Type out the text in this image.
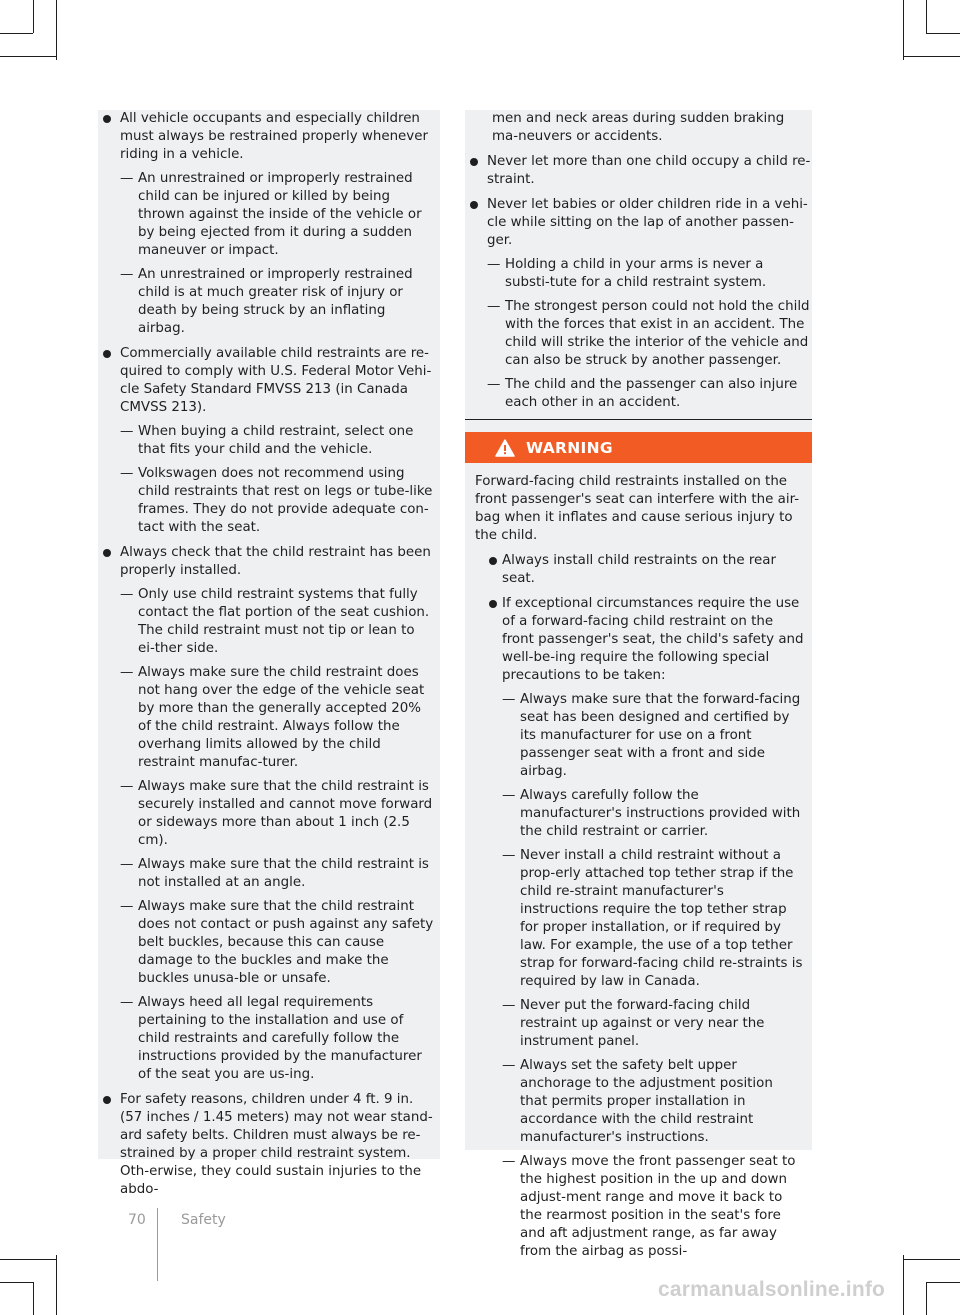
All vehicle occupants and especially children must always be restrained properly whenever riding in a vehicle.
— An unrestrained or improperly restrained child can be injured or killed by being thrown against the inside of the vehicle or by being ejected from it during a sudden maneuver or impact.
— An unrestrained or improperly restrained child is at much greater risk of injury or death by being struck by an inflating airbag.
Commercially available child restraints are re-quired to comply with U.S. Federal Motor Vehi-cle Safety Standard FMVSS 213 (in Canada CMVSS 213).
— When buying a child restraint, select one that fits your child and the vehicle.
— Volkswagen does not recommend using child restraints that rest on legs or tube-like frames. They do not provide adequate con-tact with the seat.
Always check that the child restraint has been properly installed.
— Only use child restraint systems that fully contact the flat portion of the seat cushion. The child restraint must not tip or lean to ei-ther side.
— Always make sure the child restraint does not hang over the edge of the vehicle seat by more than the generally accepted 20% of the child restraint. Always follow the overhang limits allowed by the child restraint manufac-turer.
— Always make sure that the child restraint is securely installed and cannot move forward or sideways more than about 1 inch (2.5 cm).
— Always make sure that the child restraint is not installed at an angle.
— Always make sure that the child restraint does not contact or push against any safety belt buckles, because this can cause damage to the buckles and make the buckles unusa-ble or unsafe.
— Always heed all legal requirements pertaining to the installation and use of child restraints and carefully follow the instructions provided by the manufacturer of the seat you are us-ing.
For safety reasons, children under 4 ft. 9 in. (57 inches / 1.45 meters) may not wear stand-ard safety belts. Children must always be re-strained by a proper child restraint system. Oth-erwise, they could sustain injuries to the abdo-
men and neck areas during sudden braking ma-neuvers or accidents.
Never let more than one child occupy a child re-straint.
Never let babies or older children ride in a vehi-cle while sitting on the lap of another passen-ger.
— Holding a child in your arms is never a substi-tute for a child restraint system.
— The strongest person could not hold the child with the forces that exist in an accident. The child will strike the interior of the vehicle and can also be struck by another passenger.
— The child and the passenger can also injure each other in an accident.
WARNING
Forward-facing child restraints installed on the front passenger's seat can interfere with the air-bag when it inflates and cause serious injury to the child.
Always install child restraints on the rear seat.
If exceptional circumstances require the use of a forward-facing child restraint on the front passenger's seat, the child's safety and well-be-ing require the following special precautions to be taken:
— Always make sure that the forward-facing seat has been designed and certified by its manufacturer for use on a front passenger seat with a front and side airbag.
— Always carefully follow the manufacturer's instructions provided with the child restraint or carrier.
— Never install a child restraint without a prop-erly attached top tether strap if the child re-straint manufacturer's instructions require the top tether strap for proper installation, or if required by law. For example, the use of a top tether strap for forward-facing child re-straints is required by law in Canada.
— Never put the forward-facing child restraint up against or very near the instrument panel.
— Always set the safety belt upper anchorage to the adjustment position that permits proper installation in accordance with the child restraint manufacturer's instructions.
— Always move the front passenger seat to the highest position in the up and down adjust-ment range and move it back to the rearmost position in the seat's fore and aft adjustment range, as far away from the airbag as possi-
70	Safety
carmanualsonline.info
